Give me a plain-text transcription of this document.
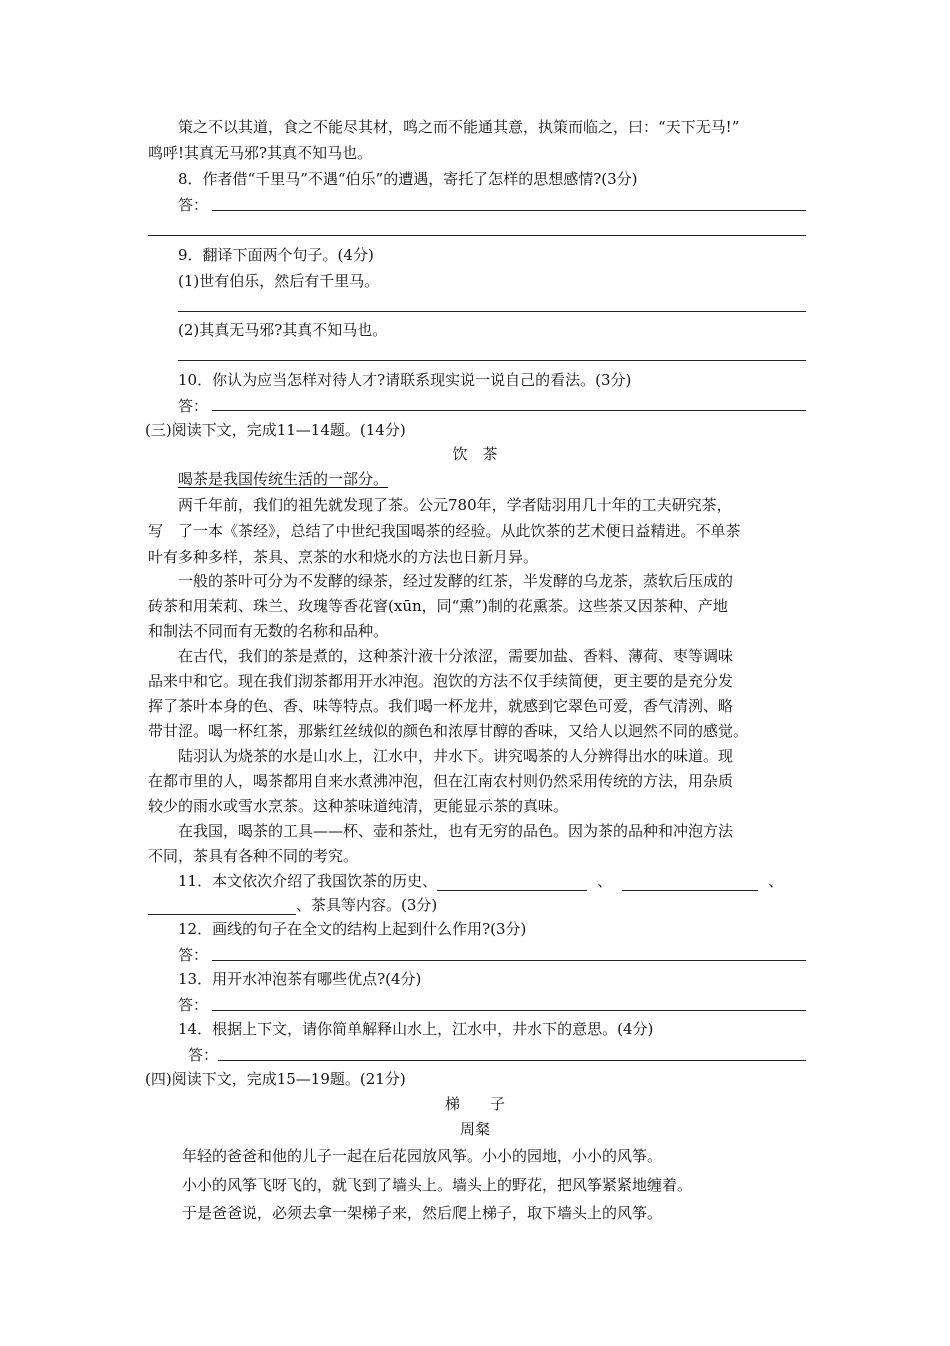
策之不以其道，食之不能尽其材，鸣之而不能通其意，执策而临之，曰：“天下无马!”
鸣呼!其真无马邪?其真不知马也。
8．作者借“千里马”不遇“伯乐”的遭遇，寄托了怎样的思想感情?(3分)
答：
9．翻译下面两个句子。(4分)
(1)世有伯乐，然后有千里马。
(2)其真无马邪?其真不知马也。
10．你认为应当怎样对待人才?请联系现实说一说自己的看法。(3分)
答：
(三)阅读下文，完成11—14题。(14分)
饮　茶
喝茶是我国传统生活的一部分。
两千年前，我们的祖先就发现了茶。公元780年，学者陆羽用几十年的工夫研究茶，
写　了一本《茶经》，总结了中世纪我国喝茶的经验。从此饮茶的艺术便日益精进。不单茶
叶有多种多样，茶具、烹茶的水和烧水的方法也日新月异。
一般的茶叶可分为不发酵的绿茶，经过发酵的红茶，半发酵的乌龙茶，蒸软后压成的
砖茶和用茉莉、珠兰、玫瑰等香花窨(xūn，同“熏”)制的花熏茶。这些茶又因茶种、产地
和制法不同而有无数的名称和品种。
在古代，我们的茶是煮的，这种茶汁液十分浓涩，需要加盐、香料、薄荷、枣等调味
品来中和它。现在我们沏茶都用开水冲泡。泡饮的方法不仅手续简便，更主要的是充分发
挥了茶叶本身的色、香、味等特点。我们喝一杯龙井，就感到它翠色可爱，香气清洌、略
带甘涩。喝一杯红茶，那紫红丝绒似的颜色和浓厚甘醇的香味，又给人以迥然不同的感觉。
陆羽认为烧茶的水是山水上，江水中，井水下。讲究喝茶的人分辨得出水的味道。现
在都市里的人，喝茶都用自来水煮沸冲泡，但在江南农村则仍然采用传统的方法，用杂质
较少的雨水或雪水烹茶。这种茶味道纯清，更能显示茶的真味。
在我国，喝茶的工具——杯、壶和茶灶，也有无穷的品色。因为茶的品种和冲泡方法
不同，茶具有各种不同的考究。
11．本文依次介绍了我国饮茶的历史、	、	、
、茶具等内容。(3分)
12．画线的句子在全文的结构上起到什么作用?(3分)
答：
13．用开水冲泡茶有哪些优点?(4分)
答：
14．根据上下文，请你简单解释山水上，江水中，井水下的意思。(4分)
答：
(四)阅读下文，完成15—19题。(21分)
梯　　子
周粲
年轻的爸爸和他的儿子一起在后花园放风筝。小小的园地，小小的风筝。
小小的风筝飞呀飞的，就飞到了墙头上。墙头上的野花，把风筝紧紧地缠着。
于是爸爸说，必须去拿一架梯子来，然后爬上梯子，取下墙头上的风筝。
